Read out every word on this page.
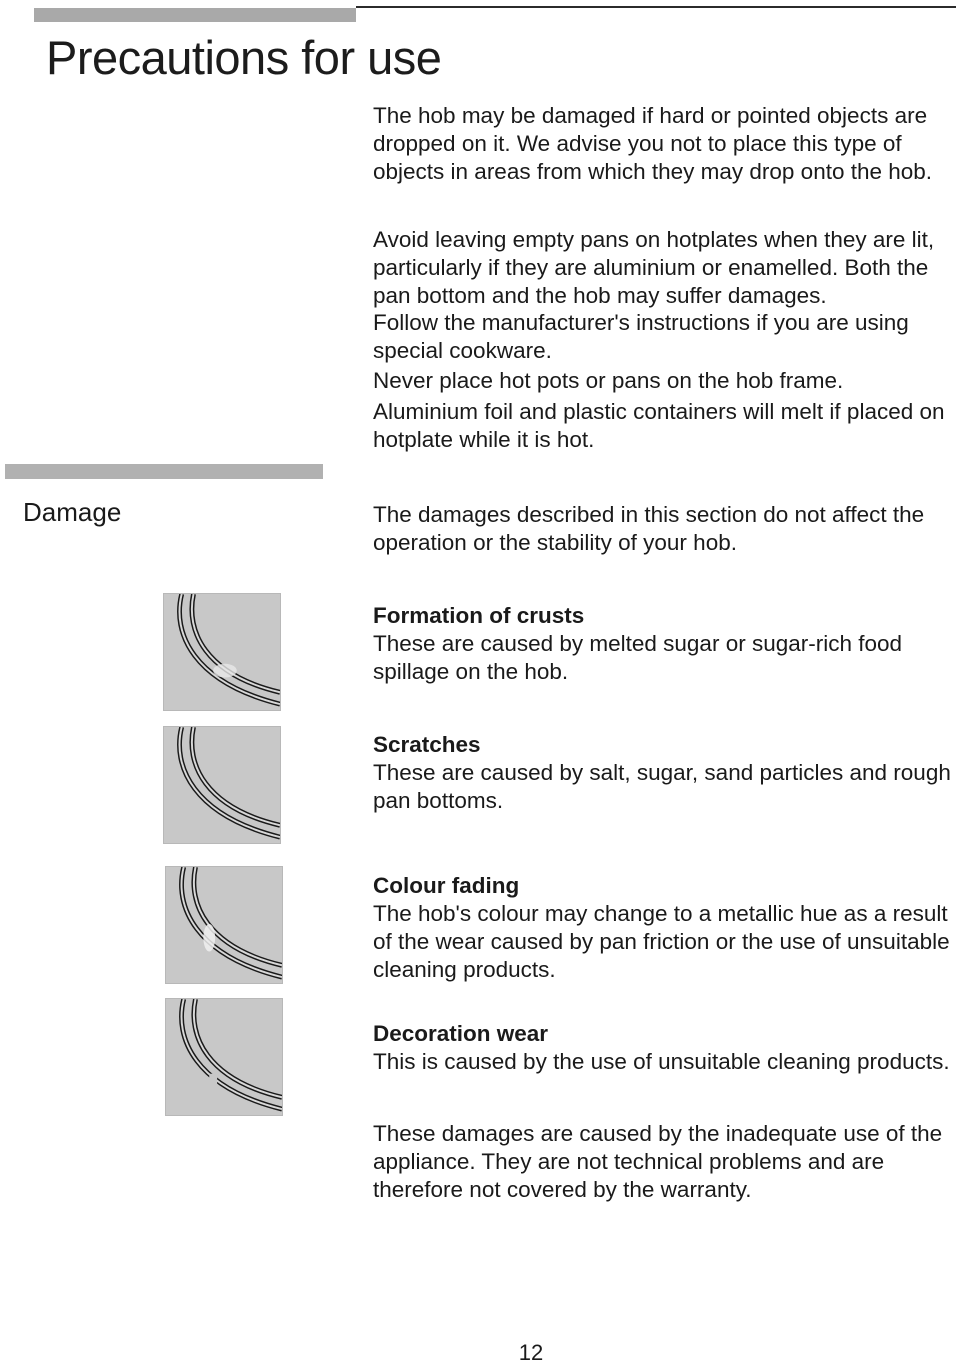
Precautions for use

The hob may be damaged if hard or pointed objects are dropped on it. We advise you not to place this type of objects in areas from which they may drop onto the hob.

Avoid leaving empty pans on hotplates when they are lit, particularly if they are aluminium or enamelled. Both the pan bottom and the hob may suffer damages.

Follow the manufacturer's instructions if you are using special cookware.

Never place hot pots or pans on the hob frame.

Aluminium foil and plastic containers will melt if placed on hotplate while it is hot.

Damage	The damages described in this section do not affect the operation or the stability of your hob.

Formation of crusts
These are caused by melted sugar or sugar-rich food spillage on the hob.

Scratches
These are caused by salt, sugar, sand particles and rough pan bottoms.

Colour fading
The hob's colour may change to a metallic hue as a result of the wear caused by pan friction or the use of unsuitable cleaning products.

Decoration wear
This is caused by the use of unsuitable cleaning products.

These damages are caused by the inadequate use of the appliance. They are not technical problems and are therefore not covered by the warranty.

12
